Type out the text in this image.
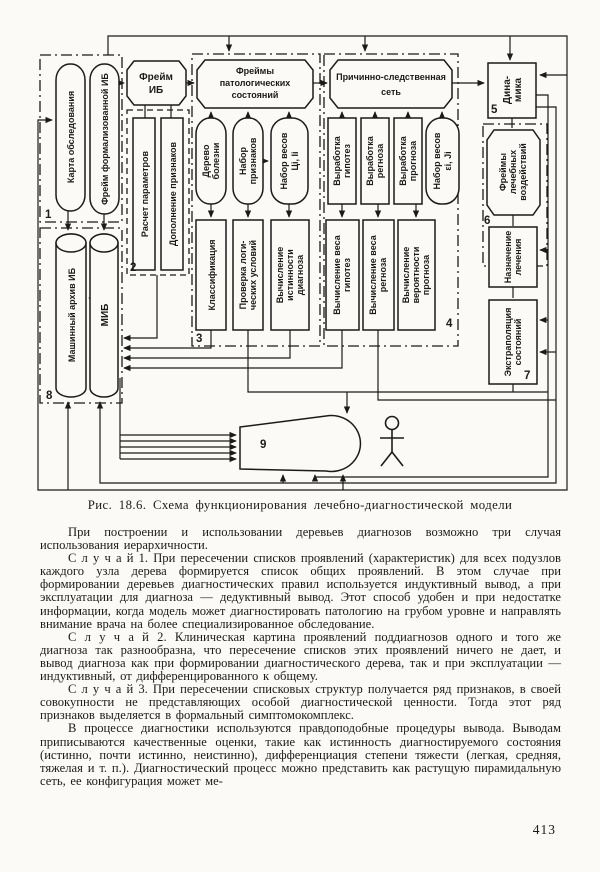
Карта обследования	Фрейм формализованной ИБ	Расчет параметров Дополнение признаков	Деревоболезни Наборпризнаков Набор весовЦi, Ii
Классификация Проверка логи-ческих условий Вычислениеистинностидиагноза
Выработкагипотез Выработкарегноза Выработкапрогноза Набор весовεi, Ji
Вычисление весагипотез Вычисление весарегноза Вычислениевероятностипрогноза
Дина-мика
Фреймылечебныхвоздействий
Назначениелечения
Экстраполяциясостояний
Машинный архив ИБ МИБ
Фрейм ИБ
Фреймы патологических состояний
Причинно-следственная сеть
1
2
3
4
5
6
7
8
9
Рис. 18.6. Схема функционирования лечебно-диагностической модели

При построении и использовании деревьев диагнозов возможно три случая использования иерархичности.

С л у ч а й 1. При пересечении списков проявлений (характеристик) для всех подузлов каждого узла дерева формируется список общих проявлений. В этом случае при формировании деревьев диагностических правил используется индуктивный вывод, а при эксплуатации для диагноза — дедуктивный вывод. Этот способ удобен и при недостатке информации, когда модель может диагностировать патологию на грубом уровне и направлять внимание врача на более специализированное обследование.

С л у ч а й 2. Клиническая картина проявлений поддиагнозов одного и того же диагноза так разнообразна, что пересечение списков этих проявлений ничего не дает, и вывод диагноза как при формировании диагностического дерева, так и при эксплуатации — индуктивный, от дифференцированного к общему.

С л у ч а й 3. При пересечении списковых структур получается ряд признаков, в своей совокупности не представляющих особой диагностической ценности. Тогда этот ряд признаков выделяется в формальный симптомокомплекс.

В процессе диагностики используются правдоподобные процедуры вывода. Выводам приписываются качественные оценки, такие как истинность диагностируемого состояния (истинно, почти истинно, неистинно), дифференциация степени тяжести (легкая, средняя, тяжелая и т. п.). Диагностический процесс можно представить как растущую пирамидальную сеть, ее конфигурация может ме-

413
